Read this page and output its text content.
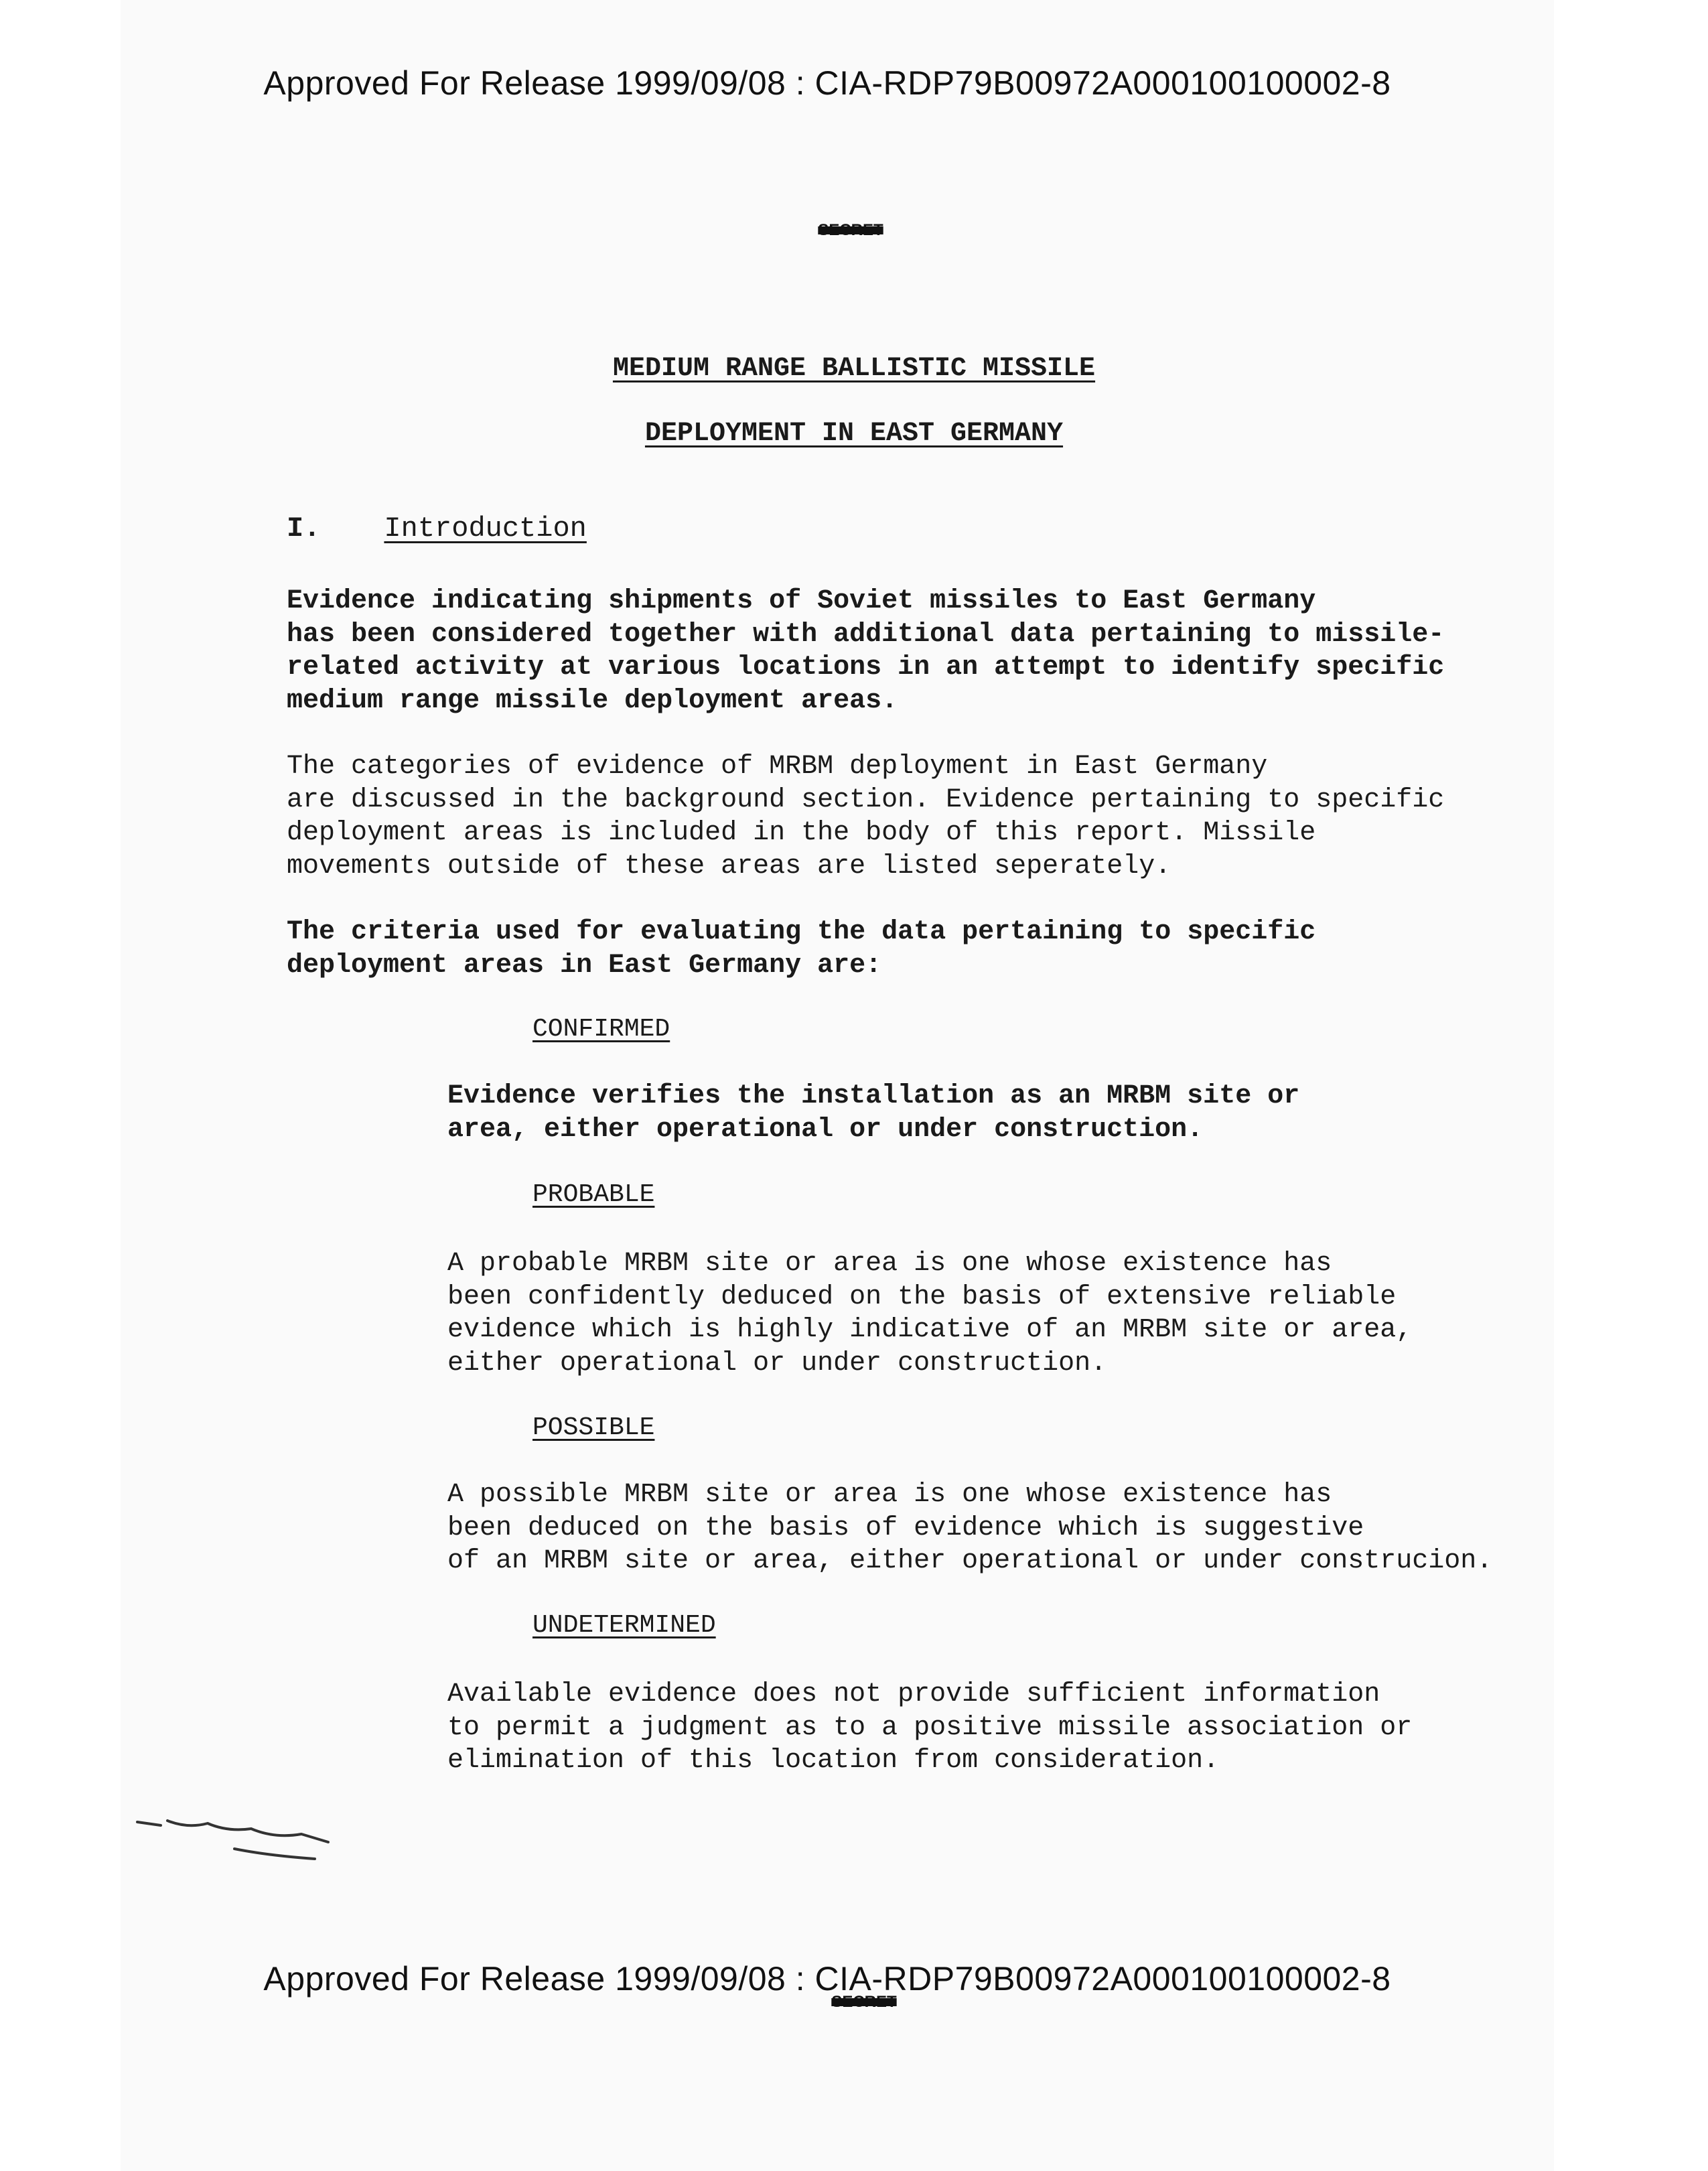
Approved For Release 1999/09/08 : CIA-RDP79B00972A000100100002-8
SECRET
MEDIUM RANGE BALLISTIC MISSILE
DEPLOYMENT IN EAST GERMANY
I. Introduction

Evidence indicating shipments of Soviet missiles to East Germany
has been considered together with additional data pertaining to missile-
related activity at various locations in an attempt to identify specific
medium range missile deployment areas.

The categories of evidence of MRBM deployment in East Germany
are discussed in the background section. Evidence pertaining to specific
deployment areas is included in the body of this report. Missile
movements outside of these areas are listed seperately.

The criteria used for evaluating the data pertaining to specific
deployment areas in East Germany are:

CONFIRMED

Evidence verifies the installation as an MRBM site or
area, either operational or under construction.

PROBABLE

A probable MRBM site or area is one whose existence has
been confidently deduced on the basis of extensive reliable
evidence which is highly indicative of an MRBM site or area,
either operational or under construction.

POSSIBLE

A possible MRBM site or area is one whose existence has
been deduced on the basis of evidence which is suggestive
of an MRBM site or area, either operational or under construcion.

UNDETERMINED

Available evidence does not provide sufficient information
to permit a judgment as to a positive missile association or
elimination of this location from consideration.

Approved For Release 1999/09/08 : CIA-RDP79B00972A000100100002-8
SECRET
